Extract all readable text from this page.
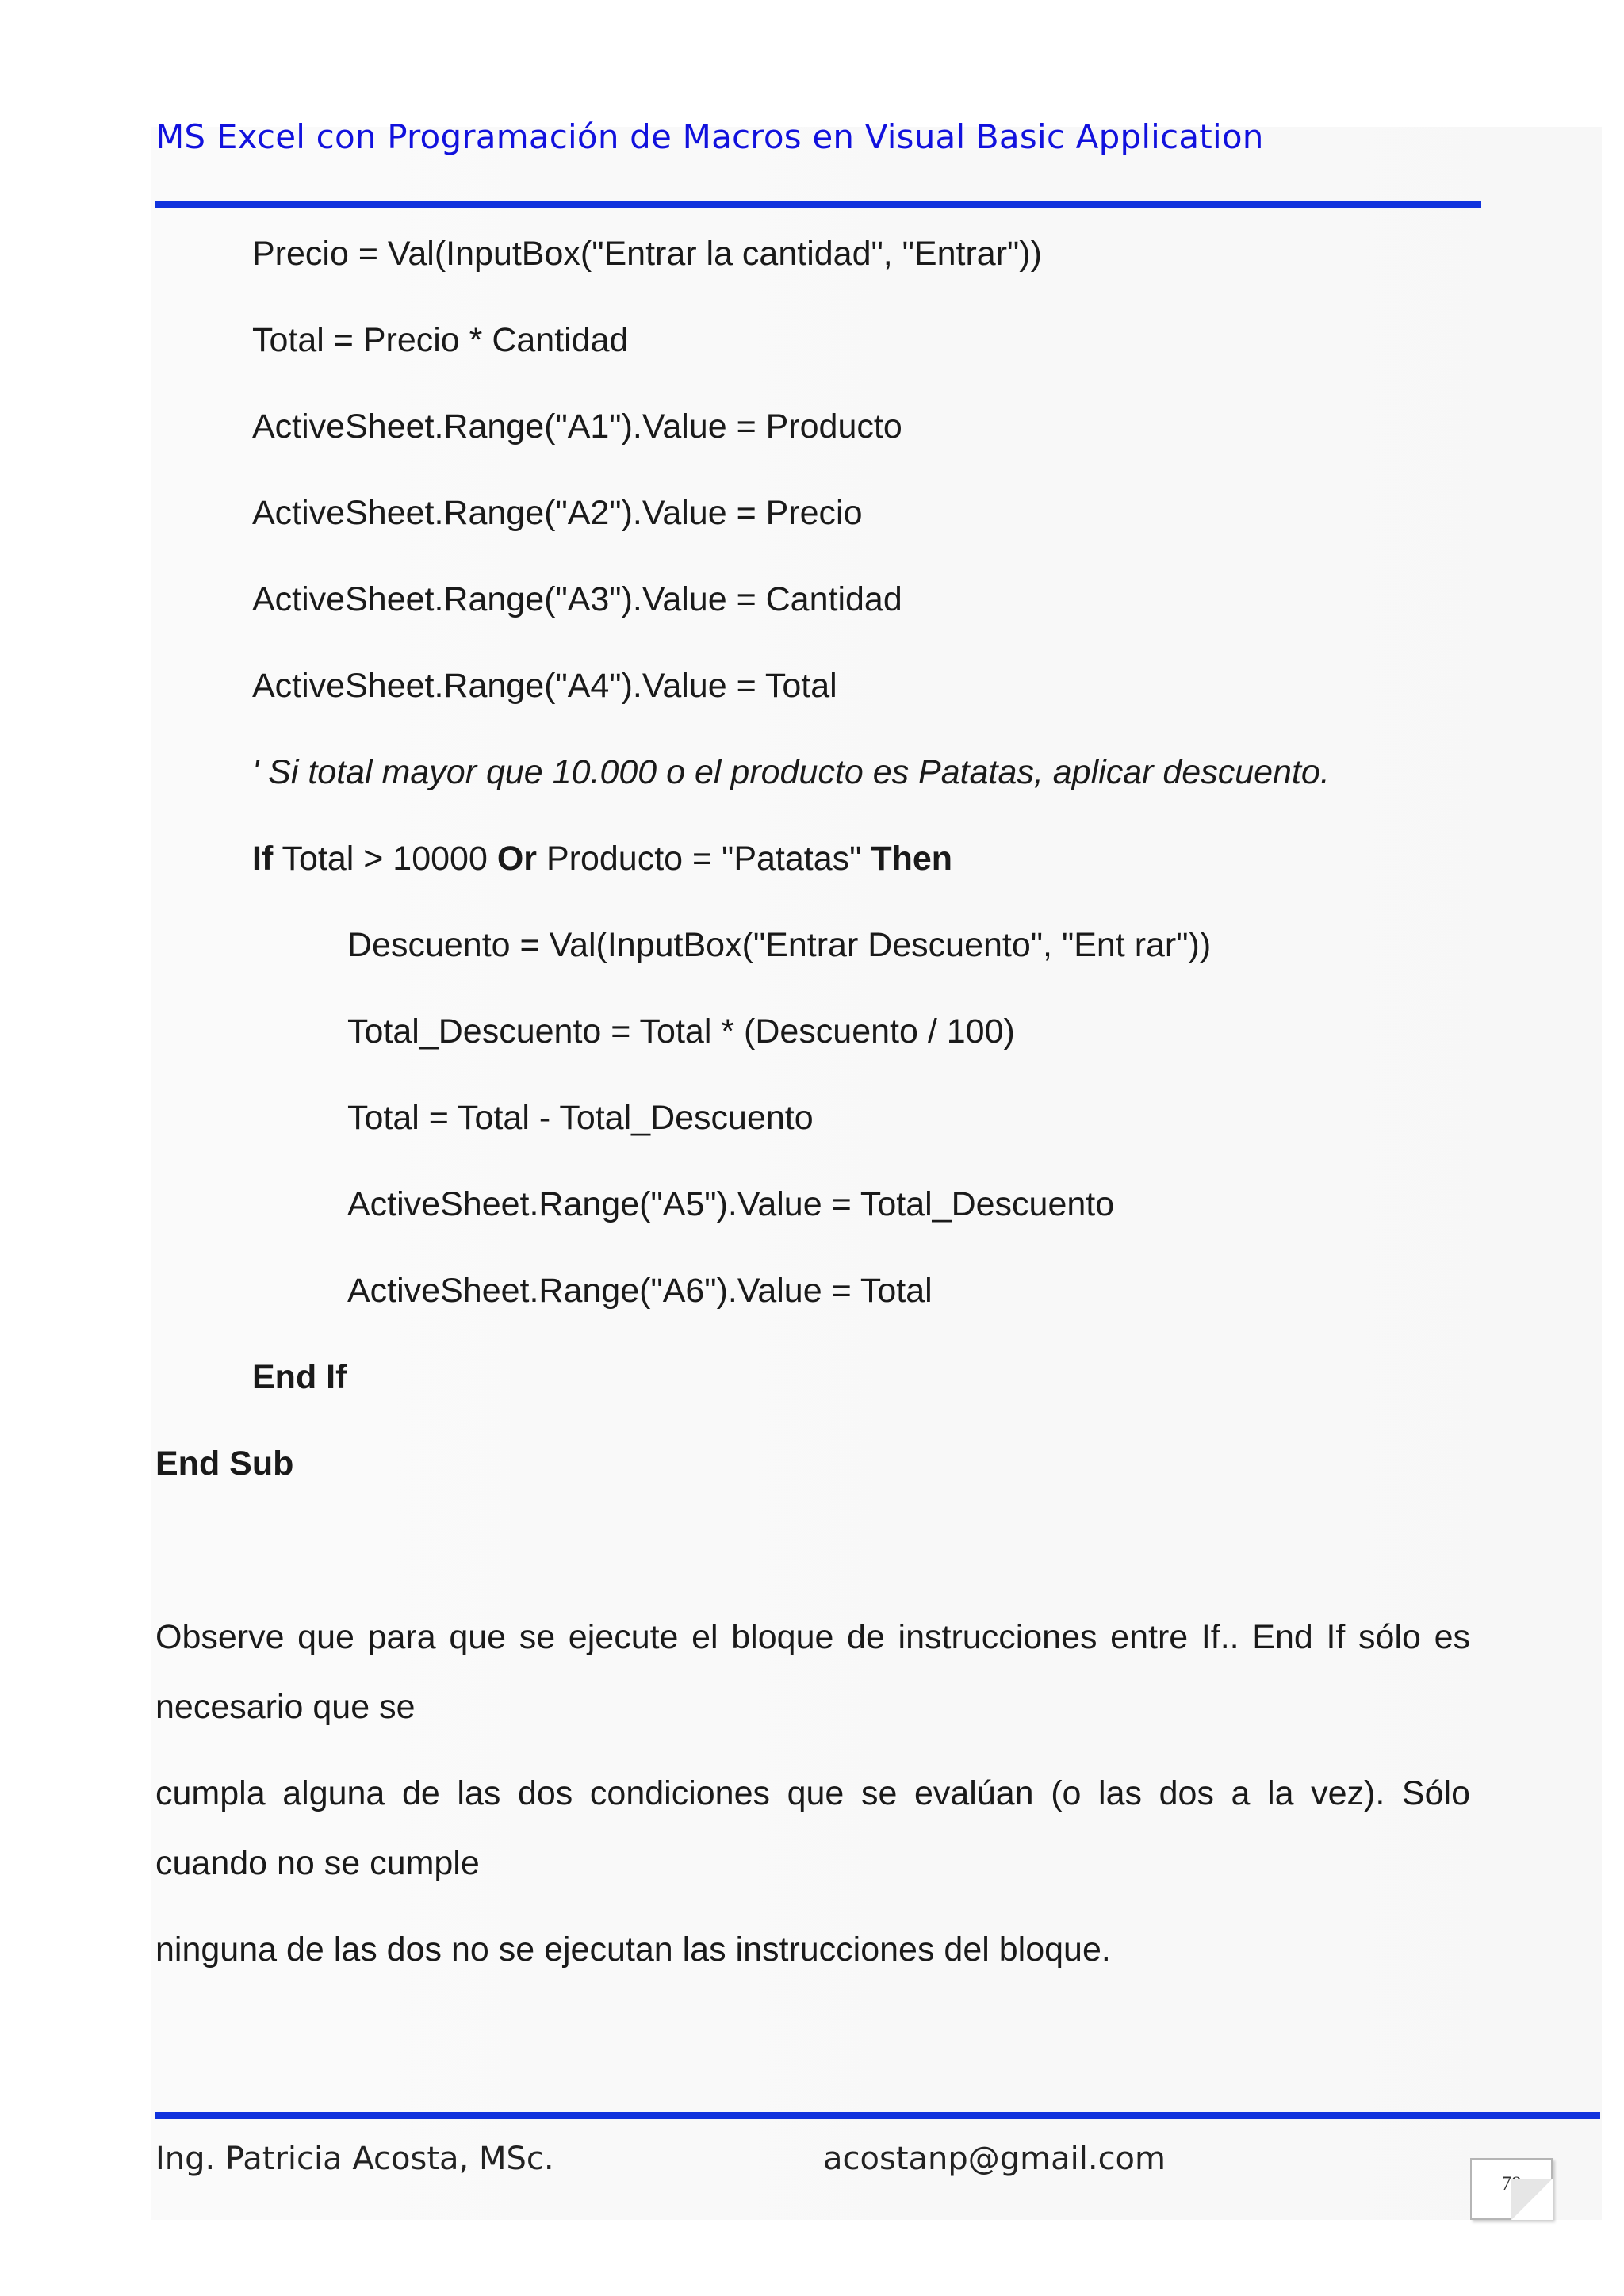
MS Excel con Programación de Macros en Visual Basic Application
Precio = Val(InputBox("Entrar la cantidad", "Entrar"))
Total = Precio * Cantidad
ActiveSheet.Range("A1").Value = Producto
ActiveSheet.Range("A2").Value = Precio
ActiveSheet.Range("A3").Value = Cantidad
ActiveSheet.Range("A4").Value = Total
' Si total mayor que 10.000 o el producto es Patatas, aplicar descuento.
If Total > 10000 Or Producto = "Patatas" Then
Descuento = Val(InputBox("Entrar Descuento", "Ent rar"))
Total_Descuento = Total * (Descuento / 100)
Total = Total - Total_Descuento
ActiveSheet.Range("A5").Value = Total_Descuento
ActiveSheet.Range("A6").Value = Total
End If
End Sub
Observe que para que se ejecute el bloque de instrucciones entre If.. End If sólo es necesario que se
cumpla alguna de las dos condiciones que se evalúan (o las dos a la vez). Sólo cuando no se cumple
ninguna de las dos no se ejecutan las instrucciones del bloque.
Ing. Patricia Acosta, MSc.	acostanp@gmail.com
78
